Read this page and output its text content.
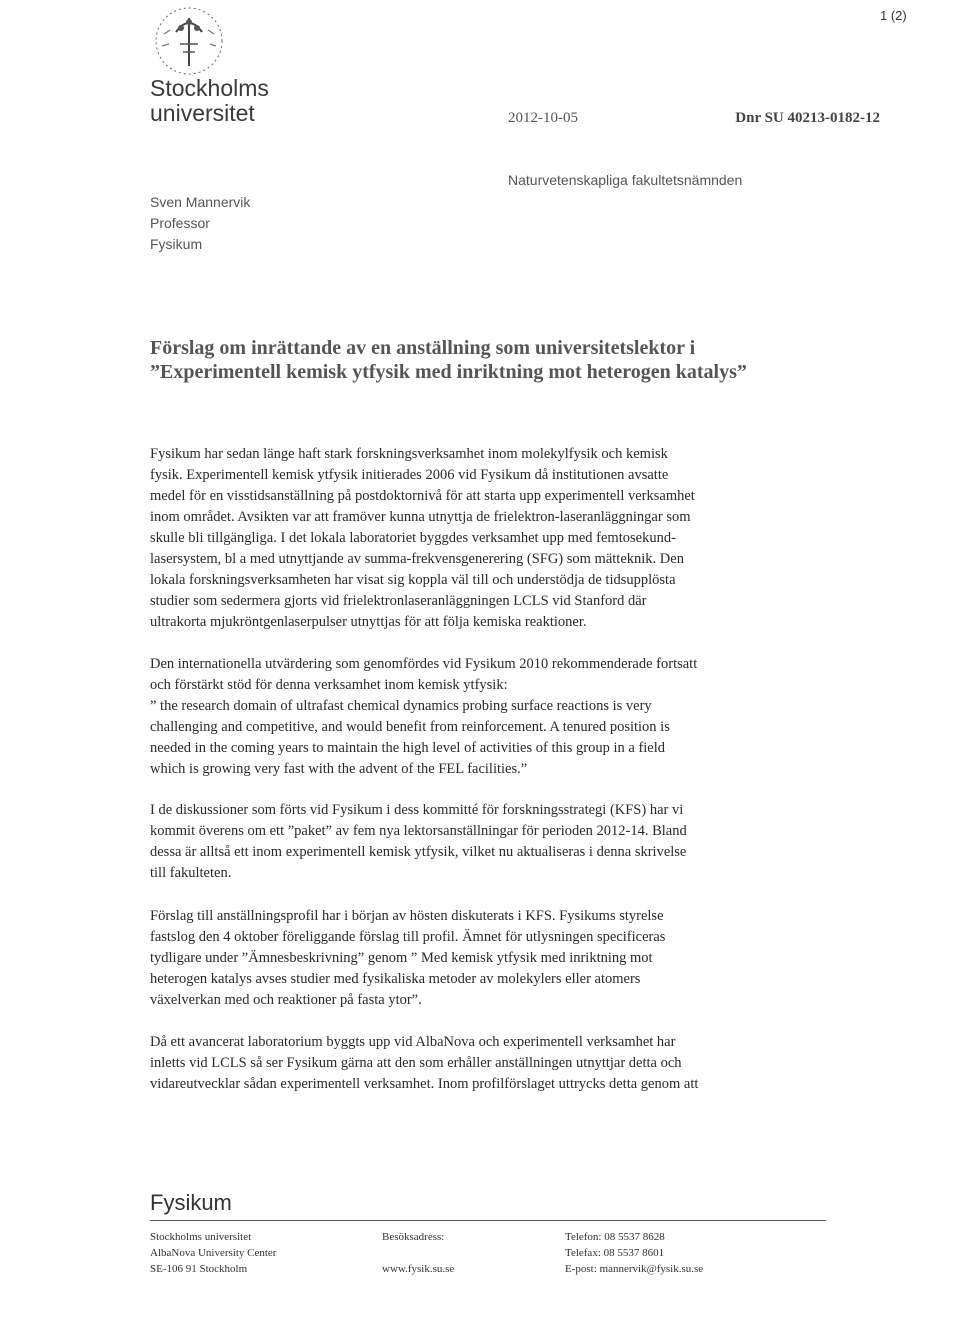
Stockholms
universitet
1 (2)
2012-10-05	Dnr SU 40213-0182-12
Naturvetenskapliga fakultetsnämnden
Sven Mannervik
Professor
Fysikum
Förslag om inrättande av en anställning som universitetslektor i ”Experimentell kemisk ytfysik med inriktning mot heterogen katalys”
Fysikum har sedan länge haft stark forskningsverksamhet inom molekylfysik och kemisk
fysik. Experimentell kemisk ytfysik initierades 2006 vid Fysikum då institutionen avsatte
medel för en visstidsanställning på postdoktornivå för att starta upp experimentell verksamhet
inom området. Avsikten var att framöver kunna utnyttja de frielektron-laseranläggningar som
skulle bli tillgängliga. I det lokala laboratoriet byggdes verksamhet upp med femtosekund-
lasersystem, bl a med utnyttjande av summa-frekvensgenerering (SFG) som mätteknik. Den
lokala forskningsverksamheten har visat sig koppla väl till och understödja de tidsupplösta
studier som sedermera gjorts vid frielektronlaseranläggningen LCLS vid Stanford där
ultrakorta mjukröntgenlaserpulser utnyttjas för att följa kemiska reaktioner.
Den internationella utvärdering som genomfördes vid Fysikum 2010 rekommenderade fortsatt
och förstärkt stöd för denna verksamhet inom kemisk ytfysik:
” the research domain of ultrafast chemical dynamics probing surface reactions is very
challenging and competitive, and would benefit from reinforcement. A tenured position is
needed in the coming years to maintain the high level of activities of this group in a field
which is growing very fast with the advent of the FEL facilities.”
I de diskussioner som förts vid Fysikum i dess kommitté för forskningsstrategi (KFS) har vi
kommit överens om ett ”paket” av fem nya lektorsanställningar för perioden 2012-14. Bland
dessa är alltså ett inom experimentell kemisk ytfysik, vilket nu aktualiseras i denna skrivelse
till fakulteten.
Förslag till anställningsprofil har i början av hösten diskuterats i KFS. Fysikums styrelse
fastslog den 4 oktober föreliggande förslag till profil. Ämnet för utlysningen specificeras
tydligare under ”Ämnesbeskrivning” genom ” Med kemisk ytfysik med inriktning mot
heterogen katalys avses studier med fysikaliska metoder av molekylers eller atomers
växelverkan med och reaktioner på fasta ytor”.
Då ett avancerat laboratorium byggts upp vid AlbaNova och experimentell verksamhet har
inletts vid LCLS så ser Fysikum gärna att den som erhåller anställningen utnyttjar detta och
vidareutvecklar sådan experimentell verksamhet. Inom profilförslaget uttrycks detta genom att
Fysikum
Stockholms universitet
AlbaNova University Center
SE-106 91 Stockholm
Besöksadress:

www.fysik.su.se
Telefon: 08 5537 8628
Telefax: 08 5537 8601
E-post: mannervik@fysik.su.se
